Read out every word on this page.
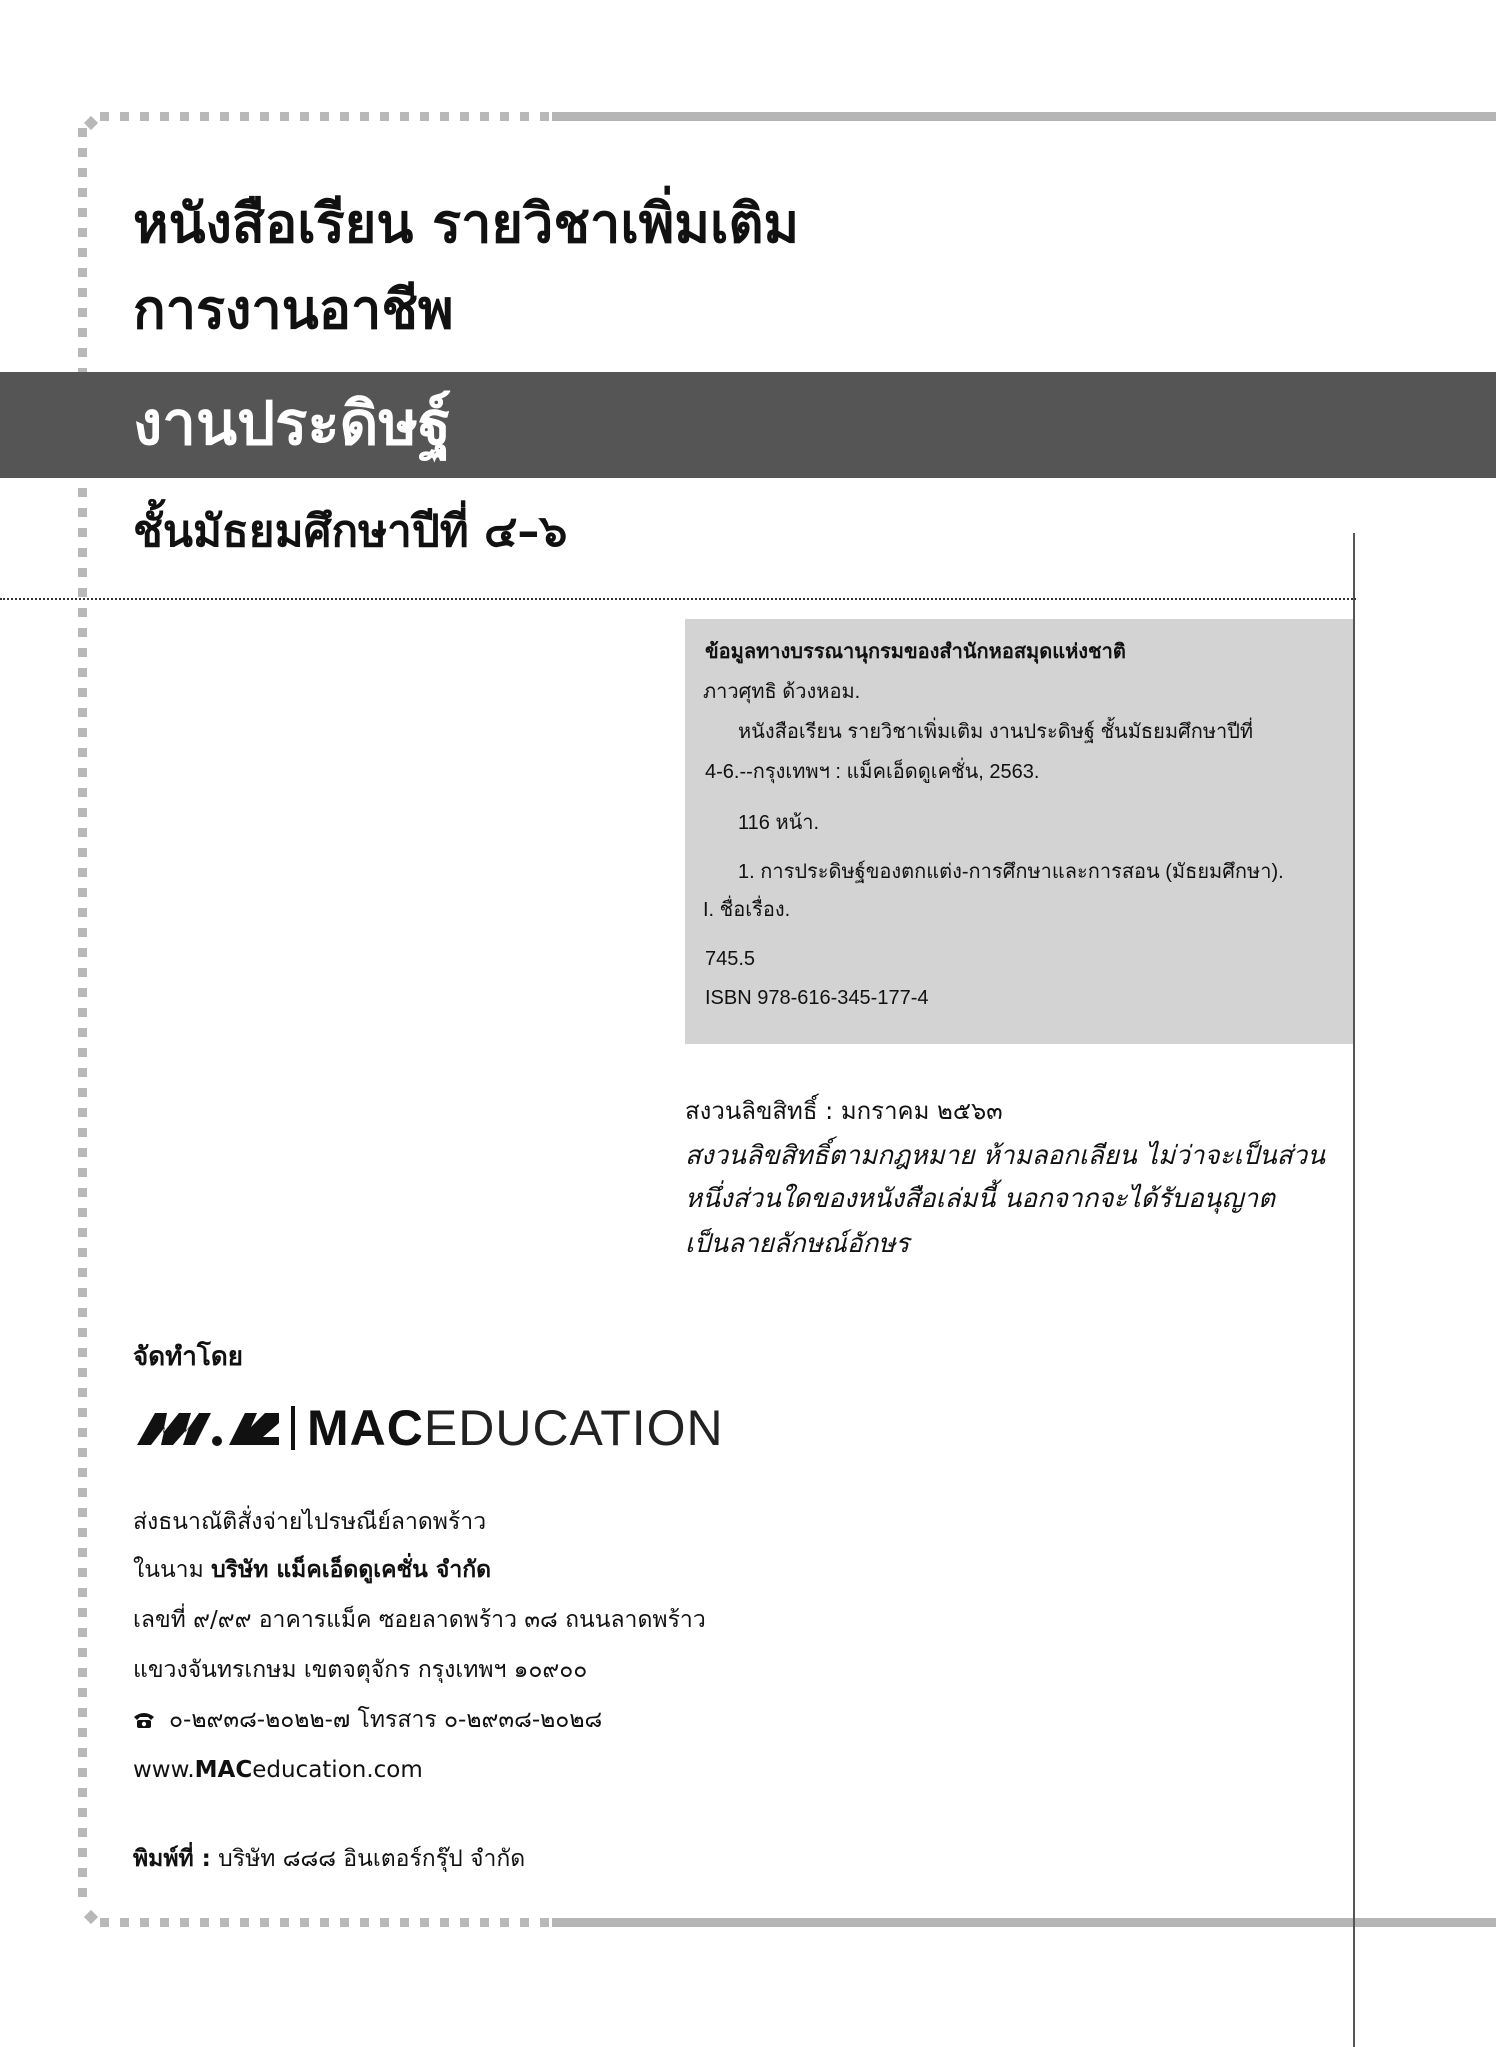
หนังสือเรียน รายวิชาเพิ่มเติม
การงานอาชีพ
งานประดิษฐ์
ชั้นมัธยมศึกษาปีที่ ๔–๖
ข้อมูลทางบรรณานุกรมของสำนักหอสมุดแห่งชาติ
ภาวศุทธิ ด้วงหอม.
หนังสือเรียน รายวิชาเพิ่มเติม งานประดิษฐ์ ชั้นมัธยมศึกษาปีที่
4-6.--กรุงเทพฯ : แม็คเอ็ดดูเคชั่น, 2563.
116 หน้า.
1. การประดิษฐ์ของตกแต่ง-การศึกษาและการสอน (มัธยมศึกษา).
I. ชื่อเรื่อง.
745.5
ISBN 978-616-345-177-4
สงวนลิขสิทธิ์ : มกราคม ๒๕๖๓
สงวนลิขสิทธิ์ตามกฎหมาย ห้ามลอกเลียน ไม่ว่าจะเป็นส่วน
หนึ่งส่วนใดของหนังสือเล่มนี้ นอกจากจะได้รับอนุญาต
เป็นลายลักษณ์อักษร
จัดทำโดย
MACEDUCATION
ส่งธนาณัติสั่งจ่ายไปรษณีย์ลาดพร้าว
ในนาม บริษัท แม็คเอ็ดดูเคชั่น จำกัด
เลขที่ ๙/๙๙ อาคารแม็ค ซอยลาดพร้าว ๓๘ ถนนลาดพร้าว
แขวงจันทรเกษม เขตจตุจักร กรุงเทพฯ ๑๐๙๐๐
๐-๒๙๓๘-๒๐๒๒-๗ โทรสาร ๐-๒๙๓๘-๒๐๒๘
www.MACeducation.com
พิมพ์ที่ : บริษัท ๘๘๘ อินเตอร์กรุ๊ป จำกัด
